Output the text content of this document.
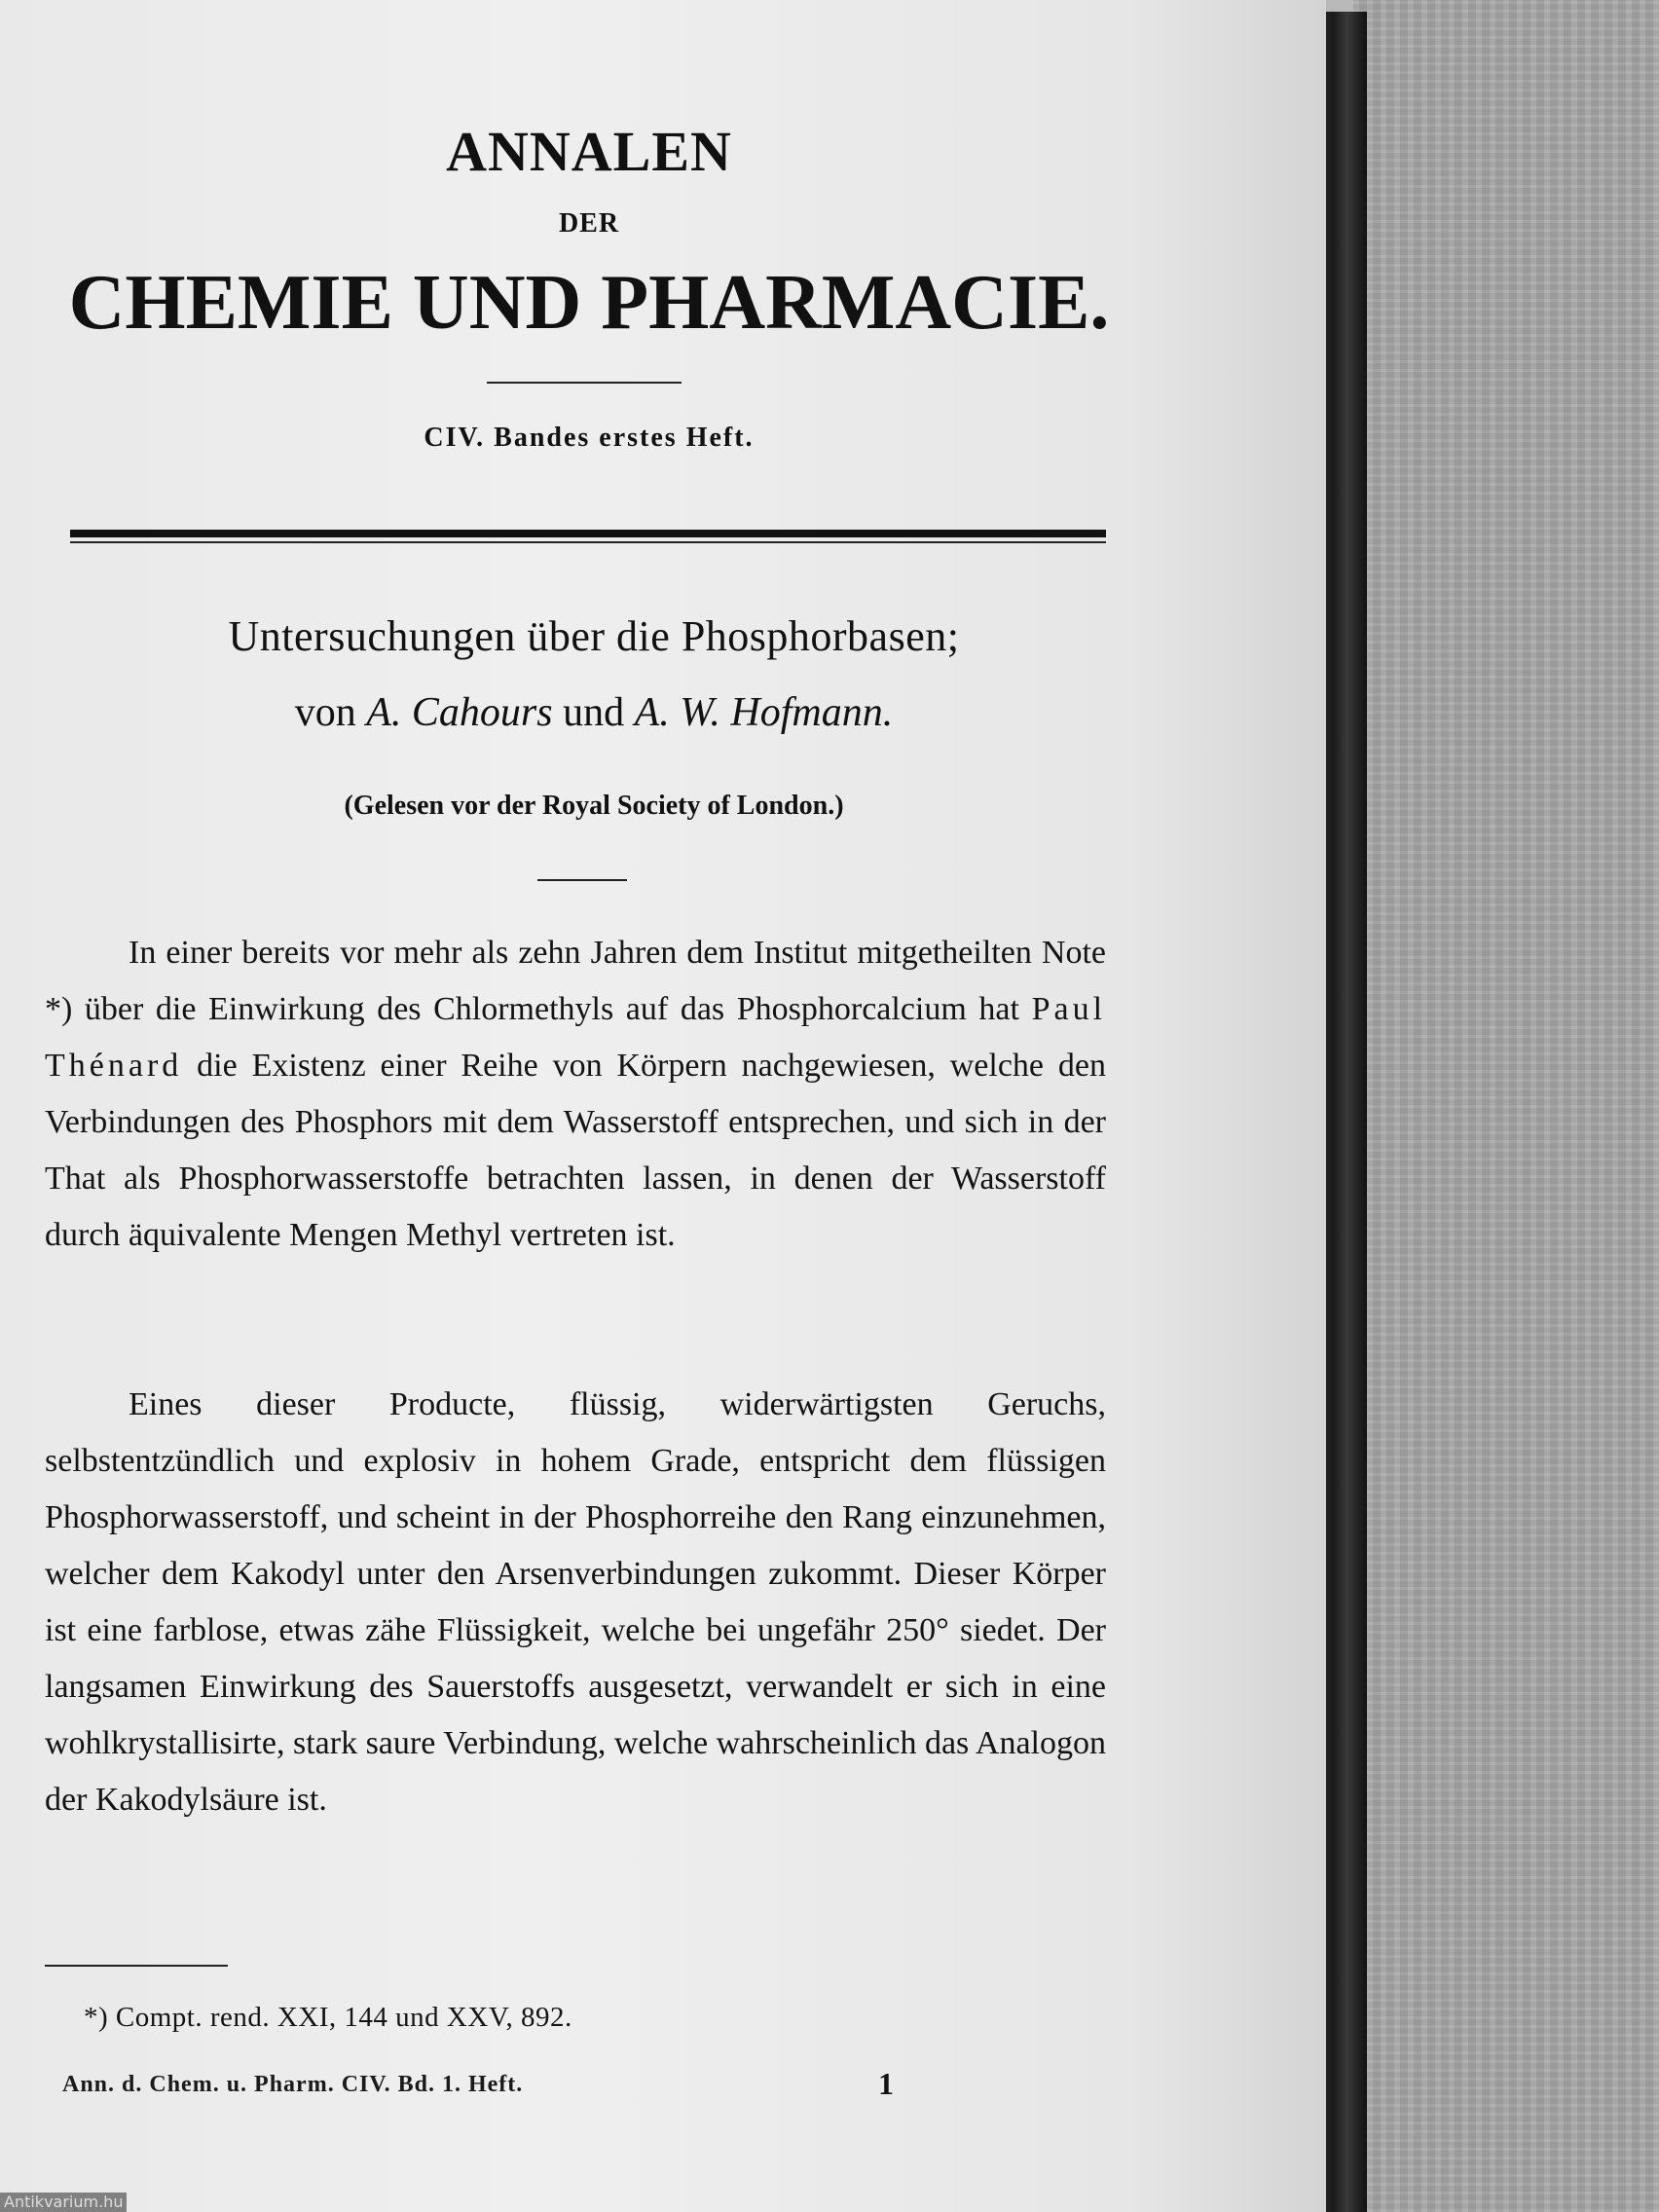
ANNALEN
DER
CHEMIE UND PHARMACIE.
CIV. Bandes erstes Heft.
Untersuchungen über die Phosphorbasen;
von A. Cahours und A. W. Hofmann.
(Gelesen vor der Royal Society of London.)

In einer bereits vor mehr als zehn Jahren dem Institut mitgetheilten Note *) über die Einwirkung des Chlormethyls auf das Phosphorcalcium hat Paul Thénard die Existenz einer Reihe von Körpern nachgewiesen, welche den Verbindungen des Phosphors mit dem Wasserstoff entsprechen, und sich in der That als Phosphorwasserstoffe betrachten lassen, in denen der Wasserstoff durch äquivalente Mengen Methyl vertreten ist.

Eines dieser Producte, flüssig, widerwärtigsten Geruchs, selbstentzündlich und explosiv in hohem Grade, entspricht dem flüssigen Phosphorwasserstoff, und scheint in der Phosphorreihe den Rang einzunehmen, welcher dem Kakodyl unter den Arsenverbindungen zukommt. Dieser Körper ist eine farblose, etwas zähe Flüssigkeit, welche bei ungefähr 250° siedet. Der langsamen Einwirkung des Sauerstoffs ausgesetzt, verwandelt er sich in eine wohlkrystallisirte, stark saure Verbindung, welche wahrscheinlich das Analogon der Kakodylsäure ist.

*) Compt. rend. XXI, 144 und XXV, 892.
Ann. d. Chem. u. Pharm. CIV. Bd. 1. Heft.	1
Antikvarium.hu
